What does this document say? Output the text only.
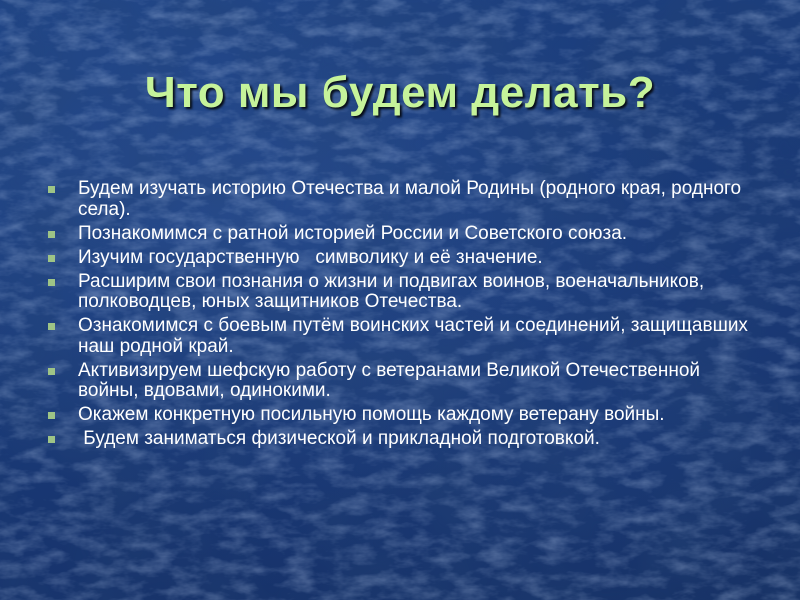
Что мы будем делать?
Будем изучать историю Отечества и малой Родины (родного края, родного села).
Познакомимся с ратной историей России и Советского союза.
Изучим государственную   символику и её значение.
Расширим свои познания о жизни и подвигах воинов, военачальников, полководцев, юных защитников Отечества.
Ознакомимся с боевым путём воинских частей и соединений, защищавших наш родной край.
Активизируем шефскую работу с ветеранами Великой Отечественной войны, вдовами, одинокими.
Окажем конкретную посильную помощь каждому ветерану войны.
Будем заниматься физической и прикладной подготовкой.
